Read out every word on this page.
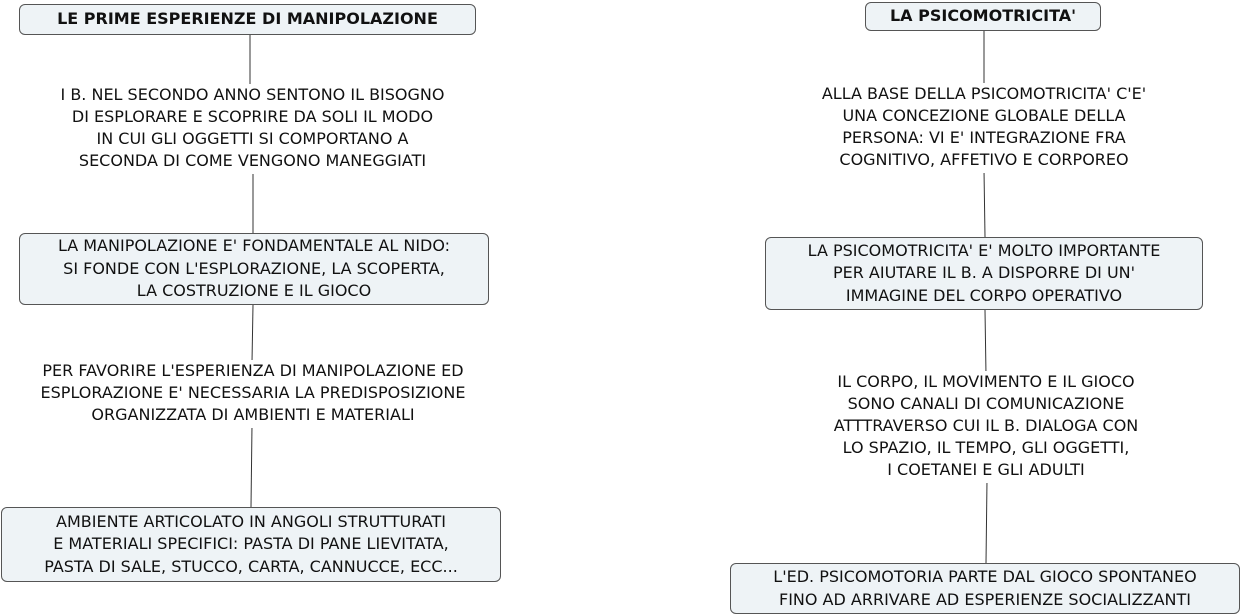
LE PRIME ESPERIENZE DI MANIPOLAZIONE
I B. NEL SECONDO ANNO SENTONO IL BISOGNO
DI ESPLORARE E SCOPRIRE DA SOLI IL MODO
IN CUI GLI OGGETTI SI COMPORTANO A
SECONDA DI COME VENGONO MANEGGIATI
LA MANIPOLAZIONE E' FONDAMENTALE AL NIDO:
SI FONDE CON L'ESPLORAZIONE, LA SCOPERTA,
LA COSTRUZIONE E IL GIOCO
PER FAVORIRE L'ESPERIENZA DI MANIPOLAZIONE ED
ESPLORAZIONE E' NECESSARIA LA PREDISPOSIZIONE
ORGANIZZATA DI AMBIENTI E MATERIALI
AMBIENTE ARTICOLATO IN ANGOLI STRUTTURATI
E MATERIALI SPECIFICI: PASTA DI PANE LIEVITATA,
PASTA DI SALE, STUCCO, CARTA, CANNUCCE, ECC...
LA PSICOMOTRICITA'
ALLA BASE DELLA PSICOMOTRICITA' C'E'
UNA CONCEZIONE GLOBALE DELLA
PERSONA: VI E' INTEGRAZIONE FRA
COGNITIVO, AFFETIVO E CORPOREO
LA PSICOMOTRICITA' E' MOLTO IMPORTANTE
PER AIUTARE IL B. A DISPORRE DI UN'
IMMAGINE DEL CORPO OPERATIVO
IL CORPO, IL MOVIMENTO E IL GIOCO
SONO CANALI DI COMUNICAZIONE
ATTTRAVERSO CUI IL B. DIALOGA CON
LO SPAZIO, IL TEMPO, GLI OGGETTI,
I COETANEI E GLI ADULTI
L'ED. PSICOMOTORIA PARTE DAL GIOCO SPONTANEO
FINO AD ARRIVARE AD ESPERIENZE SOCIALIZZANTI
